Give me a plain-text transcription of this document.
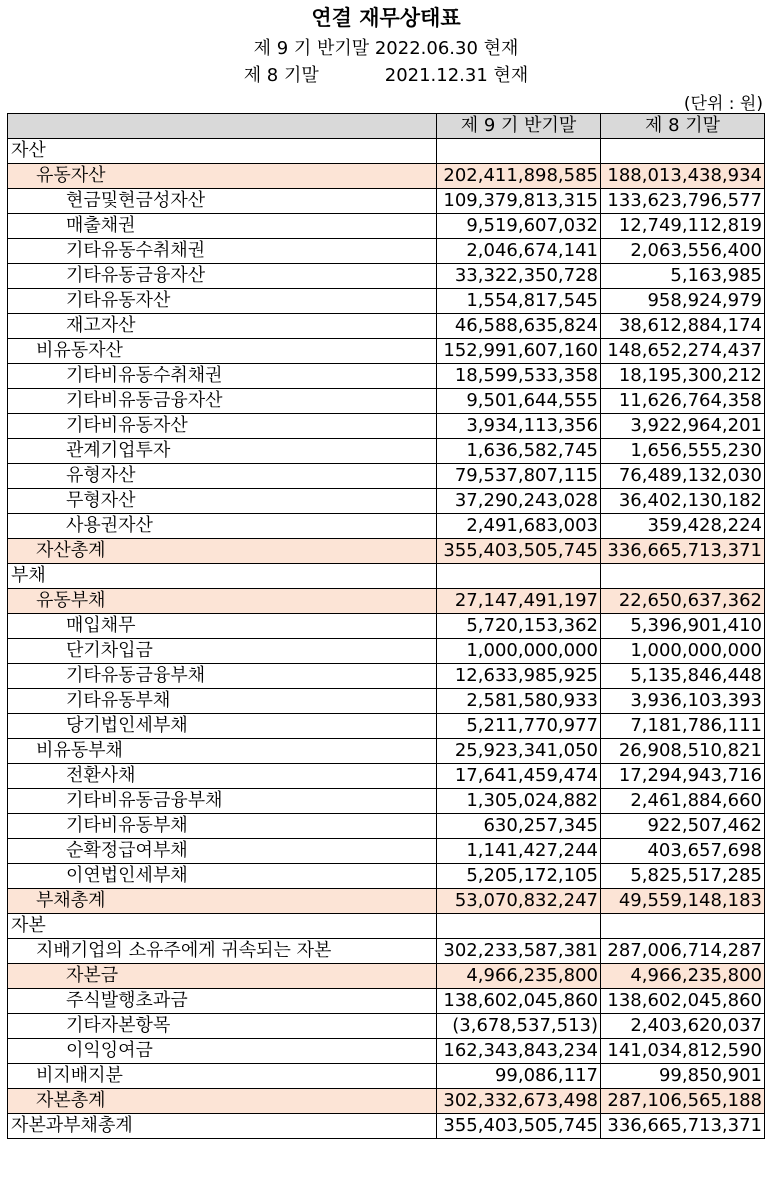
연결 재무상태표
제 9 기 반기말 2022.06.30 현재
제 8 기말	2021.12.31 현재
(단위 : 원)
	제 9 기 반기말	제 8 기말
자산		
유동자산	202,411,898,585	188,013,438,934
현금및현금성자산	109,379,813,315	133,623,796,577
매출채권	9,519,607,032	12,749,112,819
기타유동수취채권	2,046,674,141	2,063,556,400
기타유동금융자산	33,322,350,728	5,163,985
기타유동자산	1,554,817,545	958,924,979
재고자산	46,588,635,824	38,612,884,174
비유동자산	152,991,607,160	148,652,274,437
기타비유동수취채권	18,599,533,358	18,195,300,212
기타비유동금융자산	9,501,644,555	11,626,764,358
기타비유동자산	3,934,113,356	3,922,964,201
관계기업투자	1,636,582,745	1,656,555,230
유형자산	79,537,807,115	76,489,132,030
무형자산	37,290,243,028	36,402,130,182
사용권자산	2,491,683,003	359,428,224
자산총계	355,403,505,745	336,665,713,371
부채		
유동부채	27,147,491,197	22,650,637,362
매입채무	5,720,153,362	5,396,901,410
단기차입금	1,000,000,000	1,000,000,000
기타유동금융부채	12,633,985,925	5,135,846,448
기타유동부채	2,581,580,933	3,936,103,393
당기법인세부채	5,211,770,977	7,181,786,111
비유동부채	25,923,341,050	26,908,510,821
전환사채	17,641,459,474	17,294,943,716
기타비유동금융부채	1,305,024,882	2,461,884,660
기타비유동부채	630,257,345	922,507,462
순확정급여부채	1,141,427,244	403,657,698
이연법인세부채	5,205,172,105	5,825,517,285
부채총계	53,070,832,247	49,559,148,183
자본		
지배기업의 소유주에게 귀속되는 자본	302,233,587,381	287,006,714,287
자본금	4,966,235,800	4,966,235,800
주식발행초과금	138,602,045,860	138,602,045,860
기타자본항목	(3,678,537,513)	2,403,620,037
이익잉여금	162,343,843,234	141,034,812,590
비지배지분	99,086,117	99,850,901
자본총계	302,332,673,498	287,106,565,188
자본과부채총계	355,403,505,745	336,665,713,371
